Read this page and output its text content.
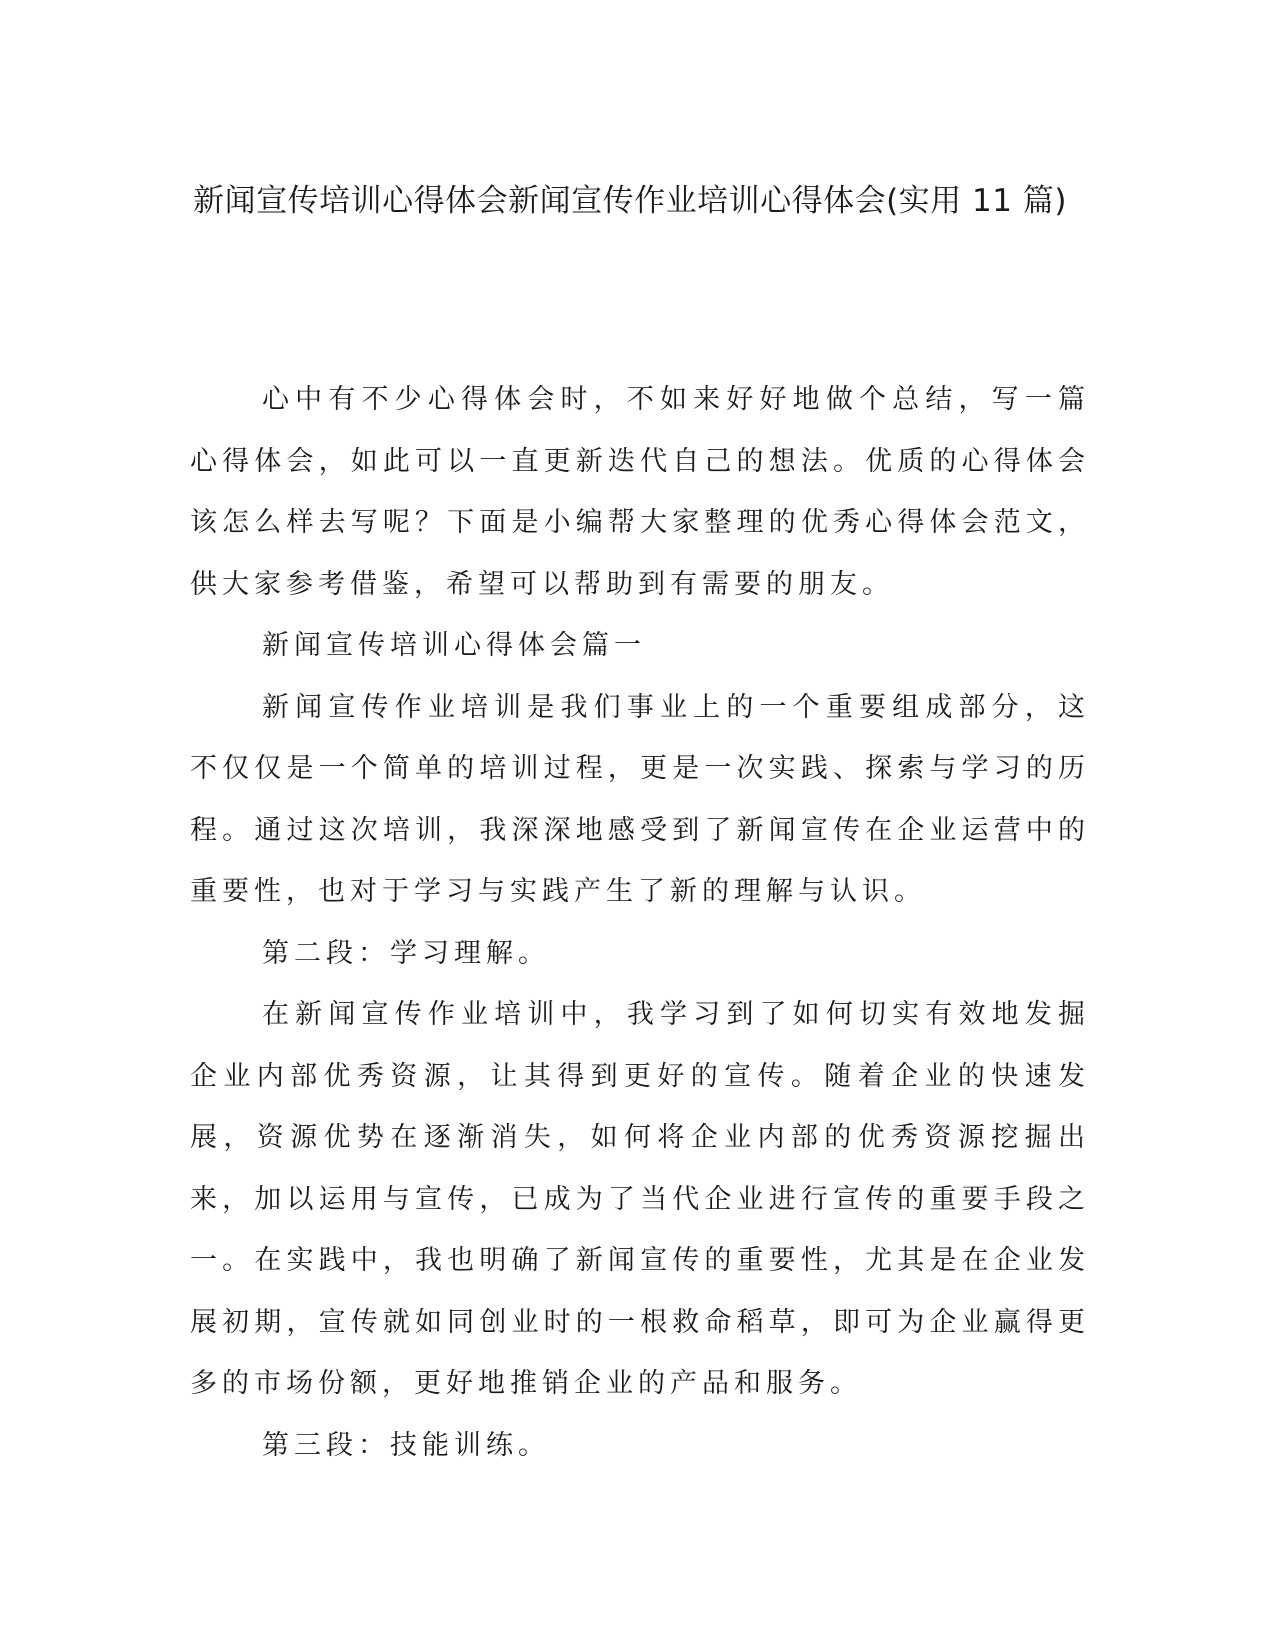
新闻宣传培训心得体会新闻宣传作业培训心得体会(实用 11 篇)

心中有不少心得体会时，不如来好好地做个总结，写一篇心得体会，如此可以一直更新迭代自己的想法。优质的心得体会该怎么样去写呢？下面是小编帮大家整理的优秀心得体会范文，供大家参考借鉴，希望可以帮助到有需要的朋友。

新闻宣传培训心得体会篇一

新闻宣传作业培训是我们事业上的一个重要组成部分，这不仅仅是一个简单的培训过程，更是一次实践、探索与学习的历程。通过这次培训，我深深地感受到了新闻宣传在企业运营中的重要性，也对于学习与实践产生了新的理解与认识。

第二段：学习理解。

在新闻宣传作业培训中，我学习到了如何切实有效地发掘企业内部优秀资源，让其得到更好的宣传。随着企业的快速发展，资源优势在逐渐消失，如何将企业内部的优秀资源挖掘出来，加以运用与宣传，已成为了当代企业进行宣传的重要手段之一。在实践中，我也明确了新闻宣传的重要性，尤其是在企业发展初期，宣传就如同创业时的一根救命稻草，即可为企业赢得更多的市场份额，更好地推销企业的产品和服务。

第三段：技能训练。
